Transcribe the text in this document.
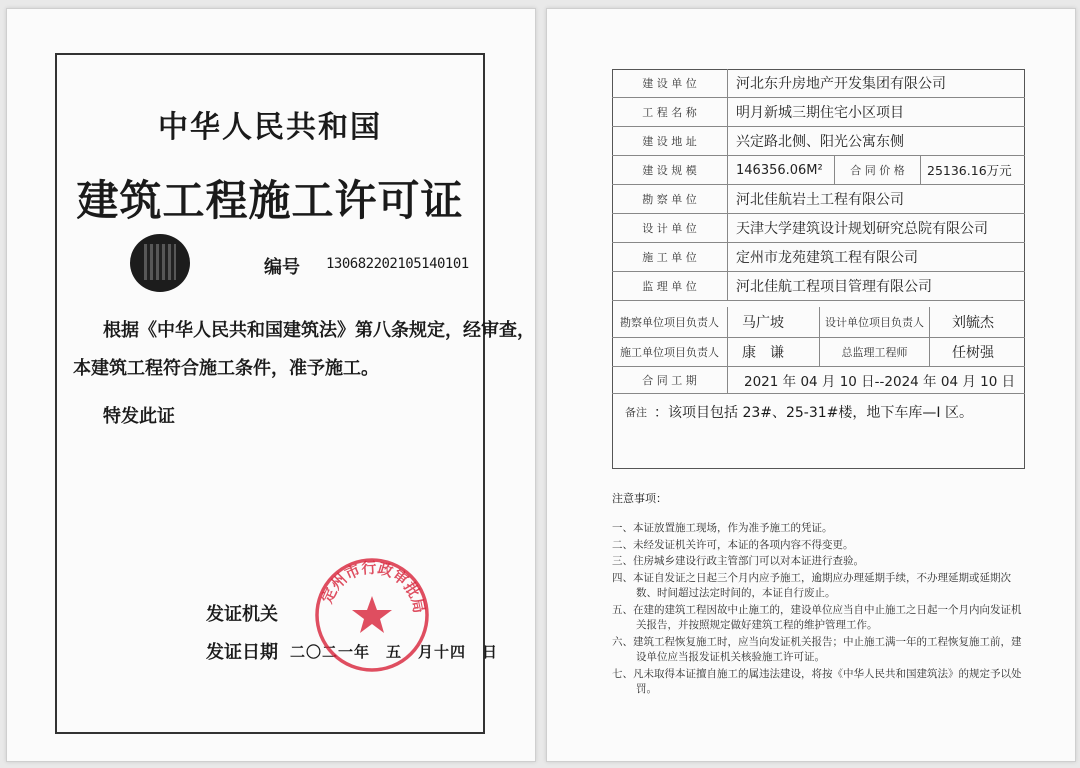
中华人民共和国
建筑工程施工许可证
编号 130682202105140101
根据《中华人民共和国建筑法》第八条规定，经审查，
本建筑工程符合施工条件，准予施工。
特发此证
发证机关
发证日期 二〇二一年　五　月十四　日
定州市行政审批局
建 设 单 位	河北东升房地产开发集团有限公司
工 程 名 称	明月新城三期住宅小区项目
建 设 地 址	兴定路北侧、阳光公寓东侧
建 设 规 模	146356.06M²	合 同 价 格	25136.16万元
勘 察 单 位	河北佳航岩土工程有限公司
设 计 单 位	天津大学建筑设计规划研究总院有限公司
施 工 单 位	定州市龙苑建筑工程有限公司
监 理 单 位	河北佳航工程项目管理有限公司
勘察单位项目负责人	马广坡	设计单位项目负责人	刘毓杰
施工单位项目负责人	康　谦	总监理工程师	任树强
合 同 工 期	2021 年 04 月 10 日--2024 年 04 月 10 日
备注 ：该项目包括 23#、25-31#楼，地下车库—I 区。
注意事项：
一、本证放置施工现场，作为准予施工的凭证。
二、未经发证机关许可，本证的各项内容不得变更。
三、住房城乡建设行政主管部门可以对本证进行查验。
四、本证自发证之日起三个月内应予施工，逾期应办理延期手续，不办理延期或延期次数、时间超过法定时间的，本证自行废止。
五、在建的建筑工程因故中止施工的，建设单位应当自中止施工之日起一个月内向发证机关报告，并按照规定做好建筑工程的维护管理工作。
六、建筑工程恢复施工时，应当向发证机关报告；中止施工满一年的工程恢复施工前，建设单位应当报发证机关核验施工许可证。
七、凡未取得本证擅自施工的属违法建设，将按《中华人民共和国建筑法》的规定予以处罚。
